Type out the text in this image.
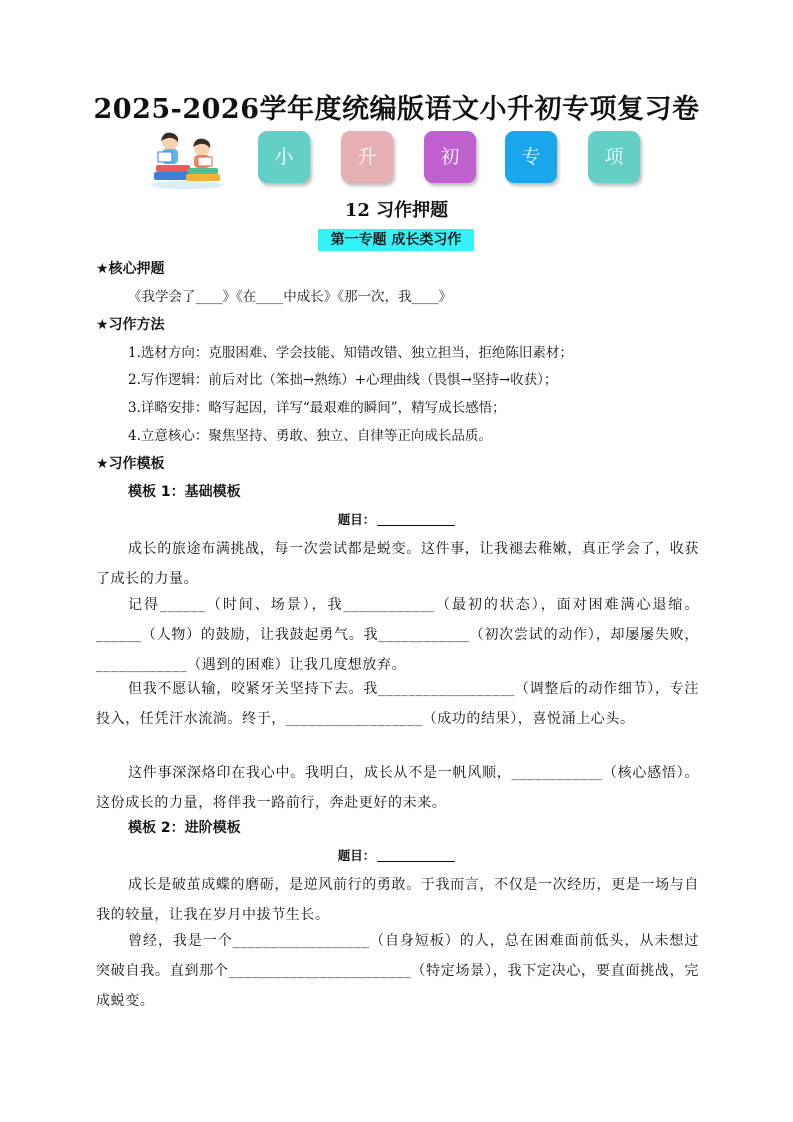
2025-2026学年度统编版语文小升初专项复习卷
小	升	初	专	项
12 习作押题
第一专题 成长类习作
★核心押题
《我学会了____》《在____中成长》《那一次，我____》
★习作方法
1.选材方向：克服困难、学会技能、知错改错、独立担当，拒绝陈旧素材；
2.写作逻辑：前后对比（笨拙→熟练）+心理曲线（畏惧→坚持→收获）；
3.详略安排：略写起因，详写“最艰难的瞬间”，精写成长感悟；
4.立意核心：聚焦坚持、勇敢、独立、自律等正向成长品质。
★习作模板
模板 1：基础模板
题目：
成长的旅途布满挑战，每一次尝试都是蜕变。这件事，让我褪去稚嫩，真正学会了，收获了成长的力量。
记得______（时间、场景），我____________（最初的状态），面对困难满心退缩。______（人物）的鼓励，让我鼓起勇气。我____________（初次尝试的动作），却屡屡失败，____________（遇到的困难）让我几度想放弃。
但我不愿认输，咬紧牙关坚持下去。我__________________（调整后的动作细节），专注投入，任凭汗水流淌。终于，__________________（成功的结果），喜悦涌上心头。
这件事深深烙印在我心中。我明白，成长从不是一帆风顺，____________（核心感悟）。这份成长的力量，将伴我一路前行，奔赴更好的未来。
模板 2：进阶模板
题目：
成长是破茧成蝶的磨砺，是逆风前行的勇敢。于我而言，不仅是一次经历，更是一场与自我的较量，让我在岁月中拔节生长。
曾经，我是一个__________________（自身短板）的人，总在困难面前低头，从未想过突破自我。直到那个________________________（特定场景），我下定决心，要直面挑战，完成蜕变。
